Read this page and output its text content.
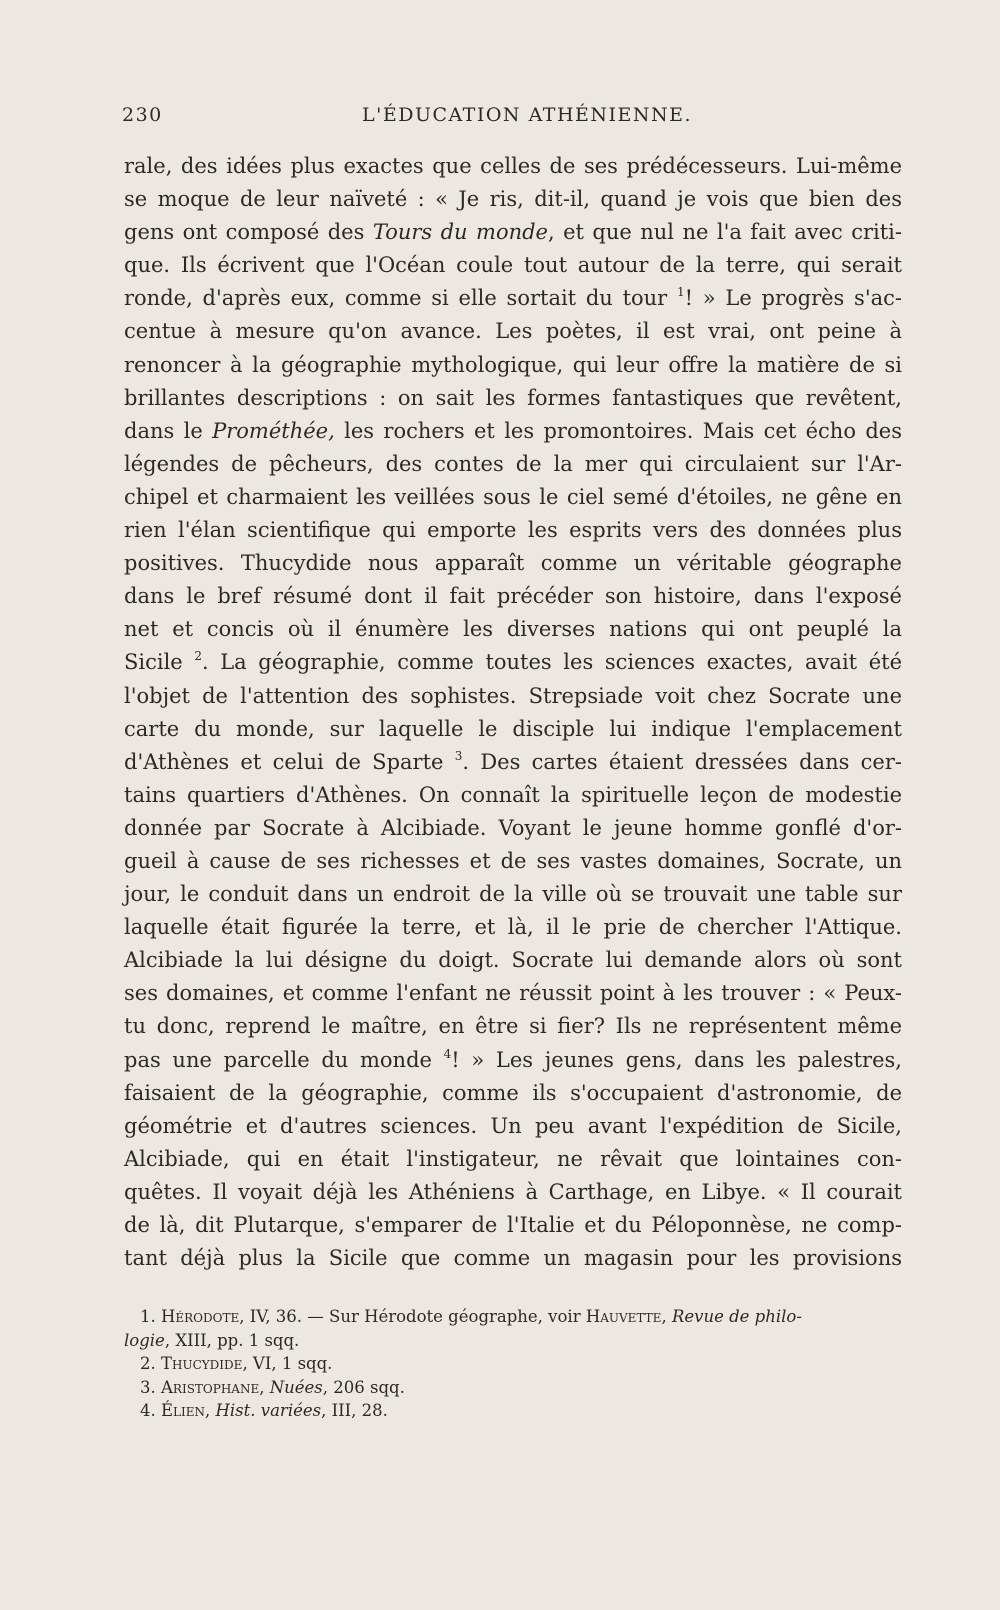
230	L'ÉDUCATION ATHÉNIENNE.
rale, des idées plus exactes que celles de ses prédécesseurs. Lui-même
se moque de leur naïveté : « Je ris, dit-il, quand je vois que bien des
gens ont composé des Tours du monde, et que nul ne l'a fait avec criti-
que. Ils écrivent que l'Océan coule tout autour de la terre, qui serait
ronde, d'après eux, comme si elle sortait du tour $^1$! » Le progrès s'ac-
centue à mesure qu'on avance. Les poètes, il est vrai, ont peine à
renoncer à la géographie mythologique, qui leur offre la matière de si
brillantes descriptions : on sait les formes fantastiques que revêtent,
dans le Prométhée, les rochers et les promontoires. Mais cet écho des
légendes de pêcheurs, des contes de la mer qui circulaient sur l'Ar-
chipel et charmaient les veillées sous le ciel semé d'étoiles, ne gêne en
rien l'élan scientifique qui emporte les esprits vers des données plus
positives. Thucydide nous apparaît comme un véritable géographe
dans le bref résumé dont il fait précéder son histoire, dans l'exposé
net et concis où il énumère les diverses nations qui ont peuplé la
Sicile $^2$. La géographie, comme toutes les sciences exactes, avait été
l'objet de l'attention des sophistes. Strepsiade voit chez Socrate une
carte du monde, sur laquelle le disciple lui indique l'emplacement
d'Athènes et celui de Sparte $^3$. Des cartes étaient dressées dans cer-
tains quartiers d'Athènes. On connaît la spirituelle leçon de modestie
donnée par Socrate à Alcibiade. Voyant le jeune homme gonflé d'or-
gueil à cause de ses richesses et de ses vastes domaines, Socrate, un
jour, le conduit dans un endroit de la ville où se trouvait une table sur
laquelle était figurée la terre, et là, il le prie de chercher l'Attique.
Alcibiade la lui désigne du doigt. Socrate lui demande alors où sont
ses domaines, et comme l'enfant ne réussit point à les trouver : « Peux-
tu donc, reprend le maître, en être si fier? Ils ne représentent même
pas une parcelle du monde $^4$! » Les jeunes gens, dans les palestres,
faisaient de la géographie, comme ils s'occupaient d'astronomie, de
géométrie et d'autres sciences. Un peu avant l'expédition de Sicile,
Alcibiade, qui en était l'instigateur, ne rêvait que lointaines con-
quêtes. Il voyait déjà les Athéniens à Carthage, en Libye. « Il courait
de là, dit Plutarque, s'emparer de l'Italie et du Péloponnèse, ne comp-
tant déjà plus la Sicile que comme un magasin pour les provisions
1. Hérodote, IV, 36. — Sur Hérodote géographe, voir Hauvette, Revue de philo-
logie, XIII, pp. 1 sqq.
2. Thucydide, VI, 1 sqq.
3. Aristophane, Nuées, 206 sqq.
4. Élien, Hist. variées, III, 28.
